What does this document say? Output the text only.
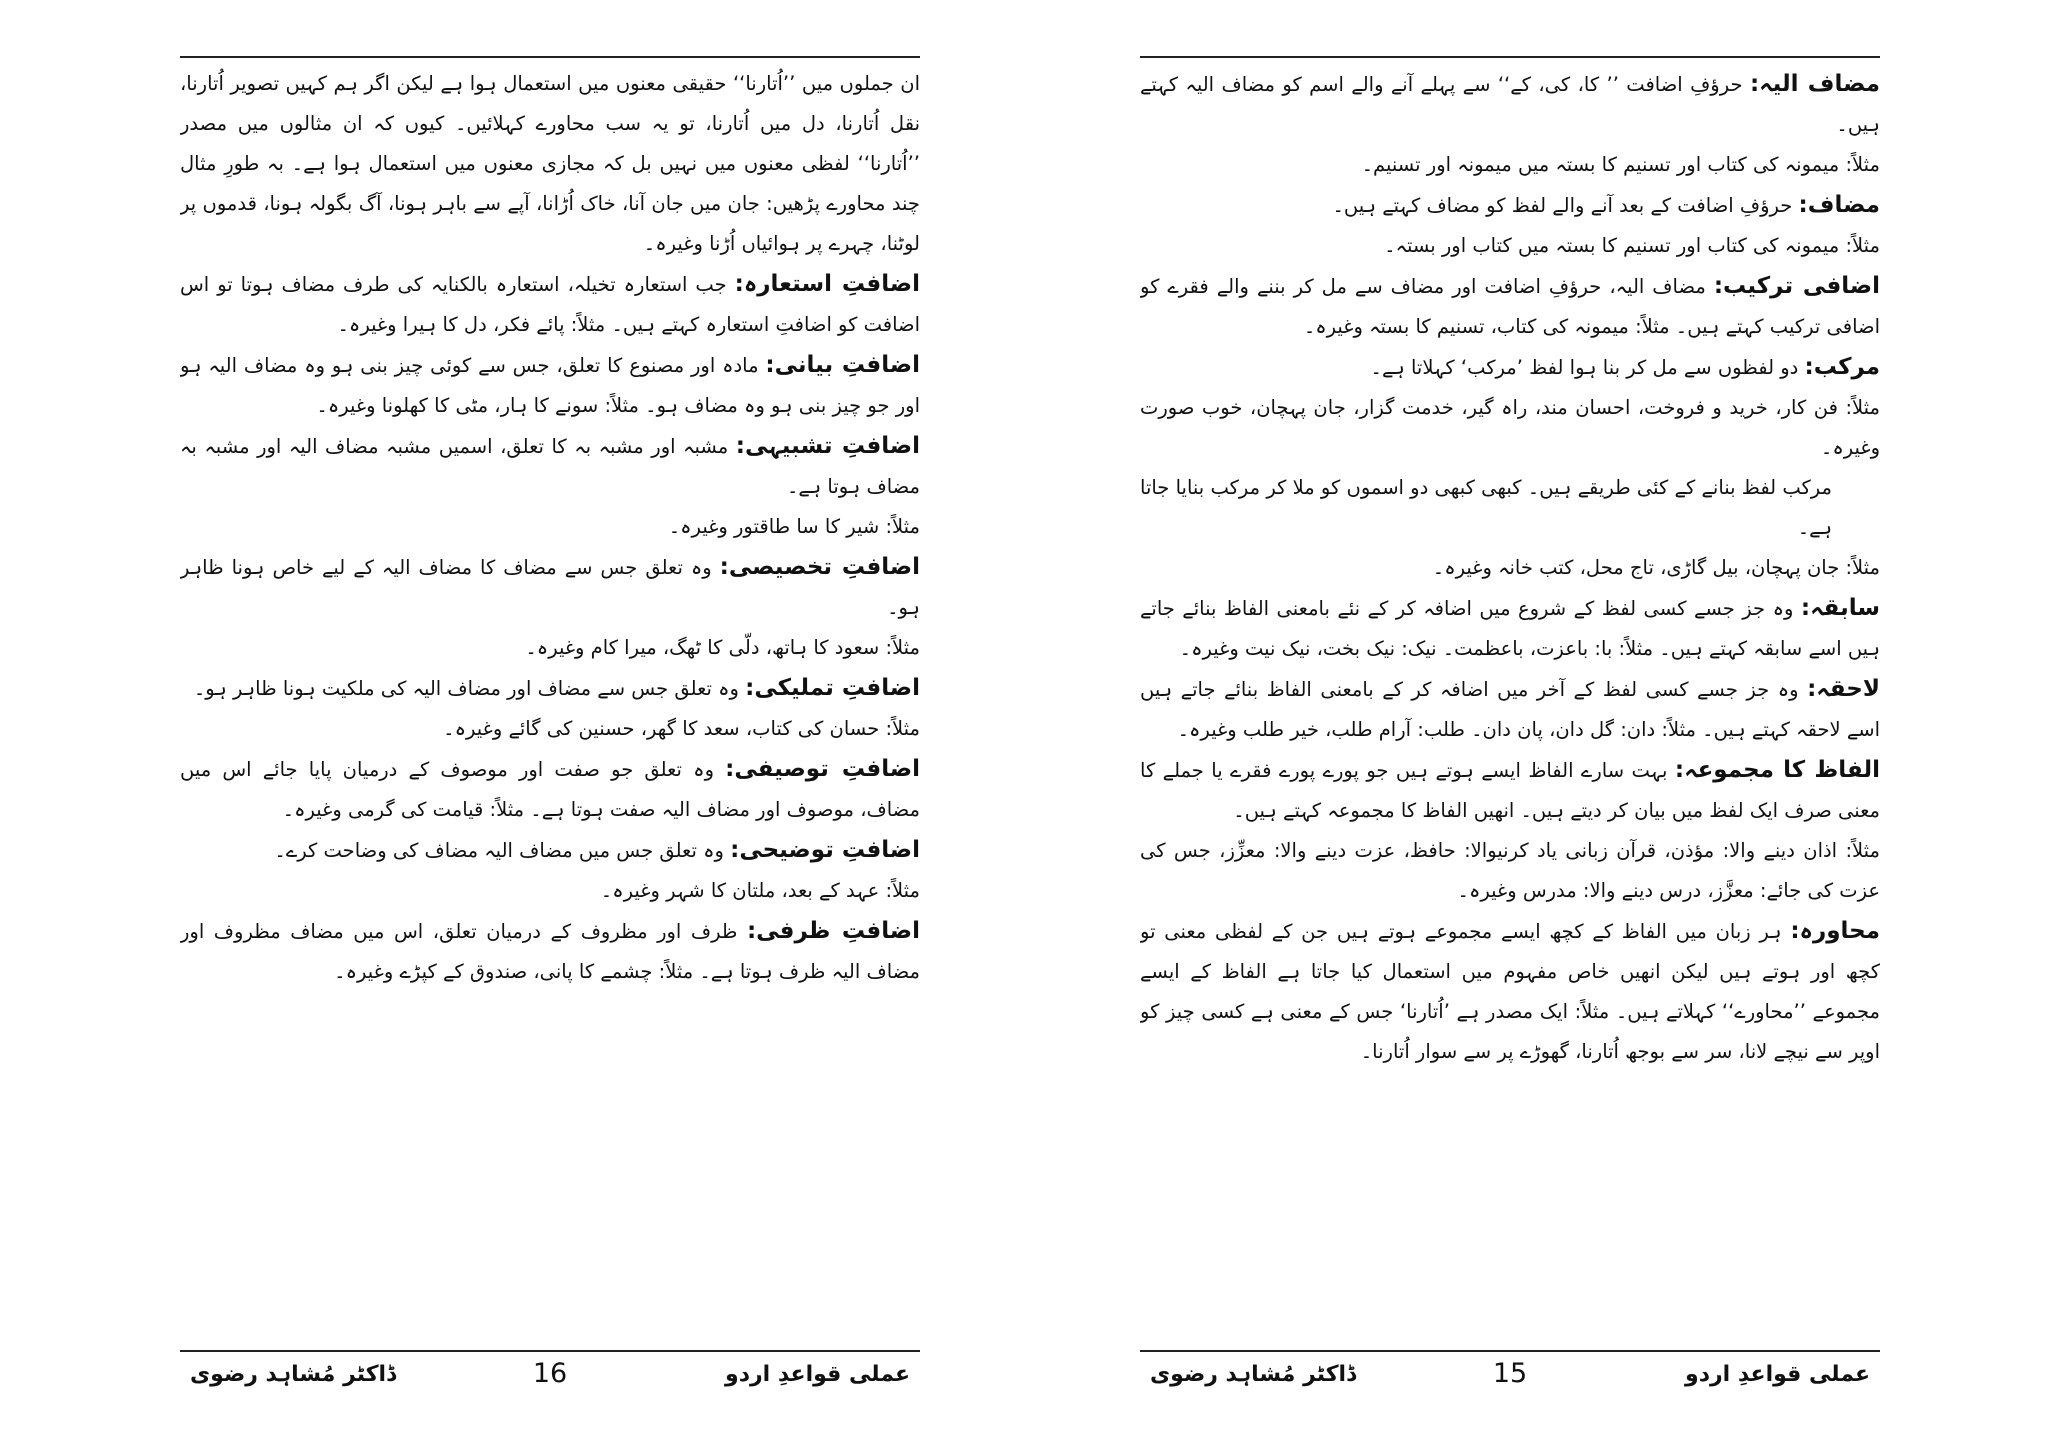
ان جملوں میں ’’اُتارنا‘‘ حقیقی معنوں میں استعمال ہوا ہے لیکن اگر ہم کہیں تصویر اُتارنا، نقل اُتارنا، دل میں اُتارنا، تو یہ سب محاورے کہلائیں۔ کیوں کہ ان مثالوں میں مصدر ’’اُتارنا‘‘ لفظی معنوں میں نہیں بل کہ مجازی معنوں میں استعمال ہوا ہے۔ بہ طورِ مثال چند محاورے پڑھیں: جان میں جان آنا، خاک اُڑانا، آپے سے باہر ہونا، آگ بگولہ ہونا، قدموں پر لوٹنا، چہرے پر ہوائیاں اُڑنا وغیرہ۔

اضافتِ استعارہ: جب استعارہ تخیلہ، استعارہ بالکنایہ کی طرف مضاف ہوتا تو اس اضافت کو اضافتِ استعارہ کہتے ہیں۔ مثلاً: پائے فکر، دل کا ہیرا وغیرہ۔

اضافتِ بیانی: مادہ اور مصنوع کا تعلق، جس سے کوئی چیز بنی ہو وہ مضاف الیہ ہو اور جو چیز بنی ہو وہ مضاف ہو۔ مثلاً: سونے کا ہار، مٹی کا کھلونا وغیرہ۔

اضافتِ تشبیہی: مشبہ اور مشبہ بہ کا تعلق، اسمیں مشبہ مضاف الیہ اور مشبہ بہ مضاف ہوتا ہے۔

مثلاً: شیر کا سا طاقتور وغیرہ۔

اضافتِ تخصیصی: وہ تعلق جس سے مضاف کا مضاف الیہ کے لیے خاص ہونا ظاہر ہو۔

مثلاً: سعود کا ہاتھ، دلّی کا ٹھگ، میرا کام وغیرہ۔

اضافتِ تملیکی: وہ تعلق جس سے مضاف اور مضاف الیہ کی ملکیت ہونا ظاہر ہو۔

مثلاً: حسان کی کتاب، سعد کا گھر، حسنین کی گائے وغیرہ۔

اضافتِ توصیفی: وہ تعلق جو صفت اور موصوف کے درمیان پایا جائے اس میں مضاف، موصوف اور مضاف الیہ صفت ہوتا ہے۔ مثلاً: قیامت کی گرمی وغیرہ۔

اضافتِ توضیحی: وہ تعلق جس میں مضاف الیہ مضاف کی وضاحت کرے۔

مثلاً: عہد کے بعد، ملتان کا شہر وغیرہ۔

اضافتِ ظرفی: ظرف اور مظروف کے درمیان تعلق، اس میں مضاف مظروف اور مضاف الیہ ظرف ہوتا ہے۔ مثلاً: چشمے کا پانی، صندوق کے کپڑے وغیرہ۔

عملی قواعدِ اردو
16
ڈاکٹر مُشاہد رضوی

مضاف الیہ: حرؤفِ اضافت ’’ کا، کی، کے‘‘ سے پہلے آنے والے اسم کو مضاف الیہ کہتے ہیں۔

مثلاً: میمونہ کی کتاب اور تسنیم کا بستہ میں میمونہ اور تسنیم۔

مضاف: حرؤفِ اضافت کے بعد آنے والے لفظ کو مضاف کہتے ہیں۔

مثلاً: میمونہ کی کتاب اور تسنیم کا بستہ میں کتاب اور بستہ۔

اضافی ترکیب: مضاف الیہ، حرؤفِ اضافت اور مضاف سے مل کر بننے والے فقرے کو اضافی ترکیب کہتے ہیں۔ مثلاً: میمونہ کی کتاب، تسنیم کا بستہ وغیرہ۔

مرکب: دو لفظوں سے مل کر بنا ہوا لفظ ’مرکب‘ کہلاتا ہے۔

مثلاً: فن کار، خرید و فروخت، احسان مند، راہ گیر، خدمت گزار، جان پہچان، خوب صورت وغیرہ۔

مرکب لفظ بنانے کے کئی طریقے ہیں۔ کبھی کبھی دو اسموں کو ملا کر مرکب بنایا جاتا ہے۔

مثلاً: جان پہچان، بیل گاڑی، تاج محل، کتب خانہ وغیرہ۔

سابقہ: وہ جز جسے کسی لفظ کے شروع میں اضافہ کر کے نئے بامعنی الفاظ بنائے جاتے ہیں اسے سابقہ کہتے ہیں۔ مثلاً: با: باعزت، باعظمت۔ نیک: نیک بخت، نیک نیت وغیرہ۔

لاحقہ: وہ جز جسے کسی لفظ کے آخر میں اضافہ کر کے بامعنی الفاظ بنائے جاتے ہیں اسے لاحقہ کہتے ہیں۔ مثلاً: دان: گل دان، پان دان۔ طلب: آرام طلب، خیر طلب وغیرہ۔

الفاظ کا مجموعہ: بہت سارے الفاظ ایسے ہوتے ہیں جو پورے پورے فقرے یا جملے کا معنی صرف ایک لفظ میں بیان کر دیتے ہیں۔ انھیں الفاظ کا مجموعہ کہتے ہیں۔

مثلاً: اذان دینے والا: مؤذن، قرآن زبانی یاد کرنیوالا: حافظ، عزت دینے والا: معزِّز، جس کی عزت کی جائے: معزَّز، درس دینے والا: مدرس وغیرہ۔

محاورہ: ہر زبان میں الفاظ کے کچھ ایسے مجموعے ہوتے ہیں جن کے لفظی معنی تو کچھ اور ہوتے ہیں لیکن انھیں خاص مفہوم میں استعمال کیا جاتا ہے الفاظ کے ایسے مجموعے ’’محاورے‘‘ کہلاتے ہیں۔ مثلاً: ایک مصدر ہے ’اُتارنا‘ جس کے معنی ہے کسی چیز کو اوپر سے نیچے لانا، سر سے بوجھ اُتارنا، گھوڑے پر سے سوار اُتارنا۔

عملی قواعدِ اردو
15
ڈاکٹر مُشاہد رضوی
